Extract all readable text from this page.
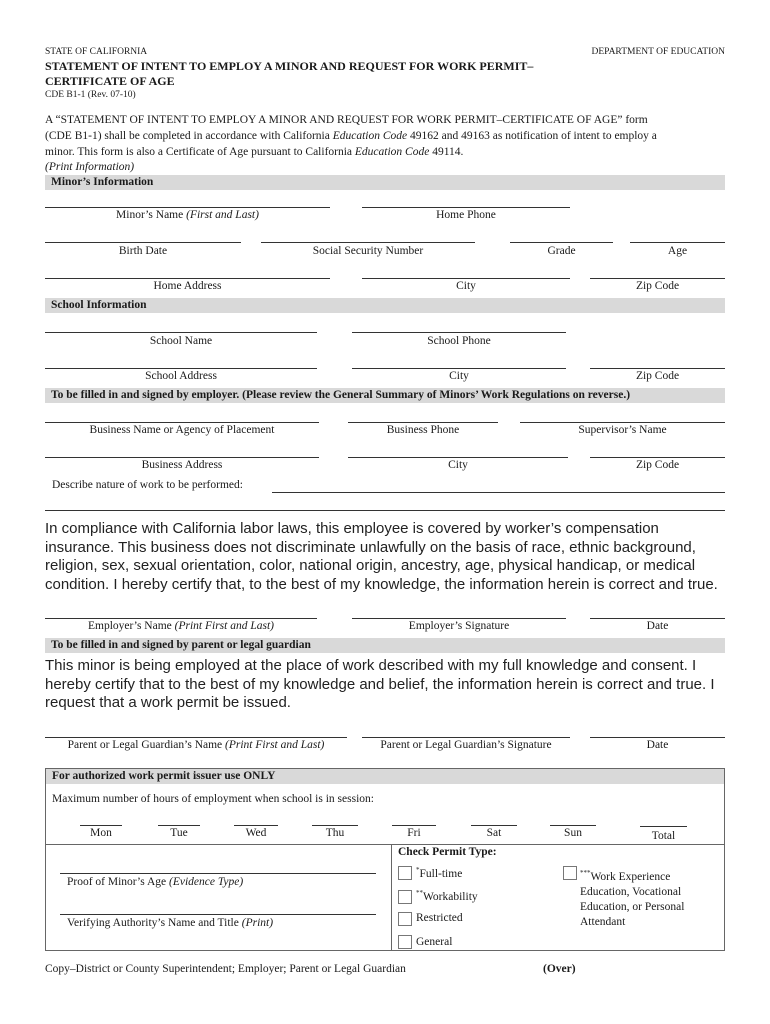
STATE OF CALIFORNIA	DEPARTMENT OF EDUCATION
STATEMENT OF INTENT TO EMPLOY A MINOR AND REQUEST FOR WORK PERMIT–
CERTIFICATE OF AGE
CDE B1-1 (Rev. 07-10)
A “STATEMENT OF INTENT TO EMPLOY A MINOR AND REQUEST FOR WORK PERMIT–CERTIFICATE OF AGE” form
(CDE B1-1) shall be completed in accordance with California Education Code 49162 and 49163 as notification of intent to employ a
minor. This form is also a Certificate of Age pursuant to California Education Code 49114.
(Print Information)
Minor’s Information
Minor’s Name (First and Last)	Home Phone
Birth Date	Social Security Number	Grade	Age
Home Address	City	Zip Code
School Information
School Name	School Phone
School Address	City	Zip Code
To be filled in and signed by employer. (Please review the General Summary of Minors’ Work Regulations on reverse.)
Business Name or Agency of Placement	Business Phone	Supervisor’s Name
Business Address	City	Zip Code
Describe nature of work to be performed:
In compliance with California labor laws, this employee is covered by worker’s compensation
insurance. This business does not discriminate unlawfully on the basis of race, ethnic background,
religion, sex, sexual orientation, color, national origin, ancestry, age, physical handicap, or medical
condition. I hereby certify that, to the best of my knowledge, the information herein is correct and true.
Employer’s Name (Print First and Last)	Employer’s Signature	Date
To be filled in and signed by parent or legal guardian
This minor is being employed at the place of work described with my full knowledge and consent. I
hereby certify that to the best of my knowledge and belief, the information herein is correct and true. I
request that a work permit be issued.
Parent or Legal Guardian’s Name (Print First and Last)	Parent or Legal Guardian’s Signature	Date
For authorized work permit issuer use ONLY
Maximum number of hours of employment when school is in session:
Mon	Tue	Wed	Thu	Fri	Sat	Sun	Total
Proof of Minor’s Age (Evidence Type)
Verifying Authority’s Name and Title (Print)
Check Permit Type:
*Full-time
**Workability
Restricted
General
***Work Experience
Education, Vocational
Education, or Personal
Attendant
Copy–District or County Superintendent; Employer; Parent or Legal Guardian	(Over)
